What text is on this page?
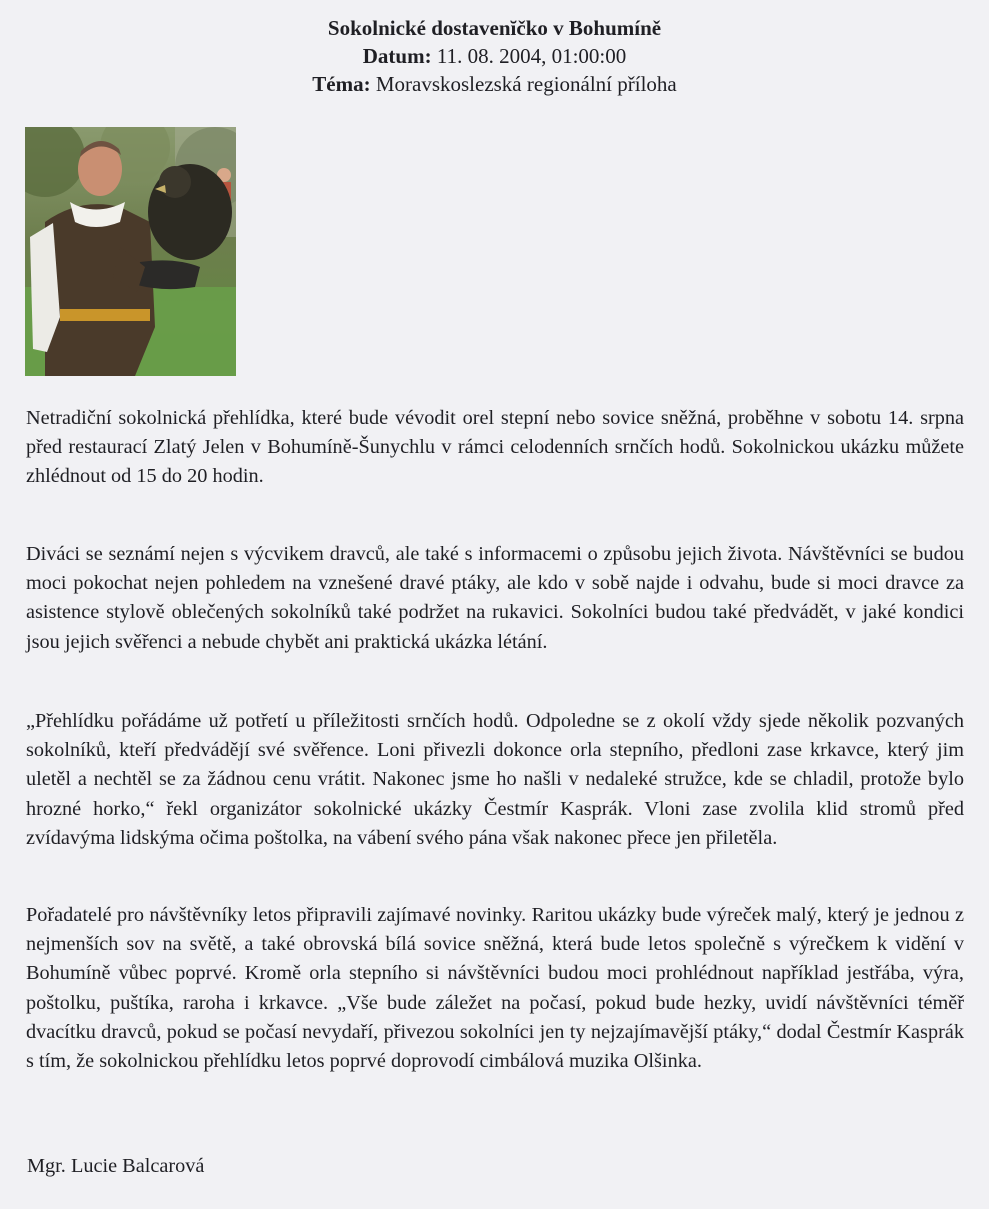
Sokolnické dostavenĭčko v Bohumíně
Datum: 11. 08. 2004, 01:00:00
Téma: Moravskoslezská regionální příloha

Netradiční sokolnická přehlídka, které bude vévodit orel stepní nebo sovice sněžná, proběhne v sobotu 14. srpna před restaurací Zlatý Jelen v Bohumíně-Šunychlu v rámci celodenních srnčích hodů. Sokolnickou ukázku můžete zhlédnout od 15 do 20 hodin.

Diváci se seznámí nejen s výcvikem dravců, ale také s informacemi o způsobu jejich života. Návštěvníci se budou moci pokochat nejen pohledem na vznešené dravé ptáky, ale kdo v sobě najde i odvahu, bude si moci dravce za asistence stylově oblečených sokolníků také podržet na rukavici. Sokolníci budou také předvádět, v jaké kondici jsou jejich svěřenci a nebude chybět ani praktická ukázka létání.

„Přehlídku pořádáme už potřetí u příležitosti srnčích hodů. Odpoledne se z okolí vždy sjede několik pozvaných sokolníků, kteří předvádějí své svěřence. Loni přivezli dokonce orla stepního, předloni zase krkavce, který jim uletěl a nechtěl se za žádnou cenu vrátit. Nakonec jsme ho našli v nedaleké stružce, kde se chladil, protože bylo hrozné horko,“ řekl organizátor sokolnické ukázky Čestmír Kasprák. Vloni zase zvolila klid stromů před zvídavýma lidskýma očima poštolka, na vábení svého pána však nakonec přece jen přiletěla.

Pořadatelé pro návštěvníky letos připravili zajímavé novinky. Raritou ukázky bude výreček malý, který je jednou z nejmenších sov na světě, a také obrovská bílá sovice sněžná, která bude letos společně s výrečkem k vidění v Bohumíně vůbec poprvé. Kromě orla stepního si návštěvníci budou moci prohlédnout například jestřába, výra, poštolku, puštíka, raroha i krkavce. „Vše bude záležet na počasí, pokud bude hezky, uvidí návštěvníci téměř dvacítku dravců, pokud se počasí nevydaří, přivezou sokolníci jen ty nejzajímavější ptáky,“ dodal Čestmír Kasprák s tím, že sokolnickou přehlídku letos poprvé doprovodí cimbálová muzika Olšinka.

Mgr. Lucie Balcarová
